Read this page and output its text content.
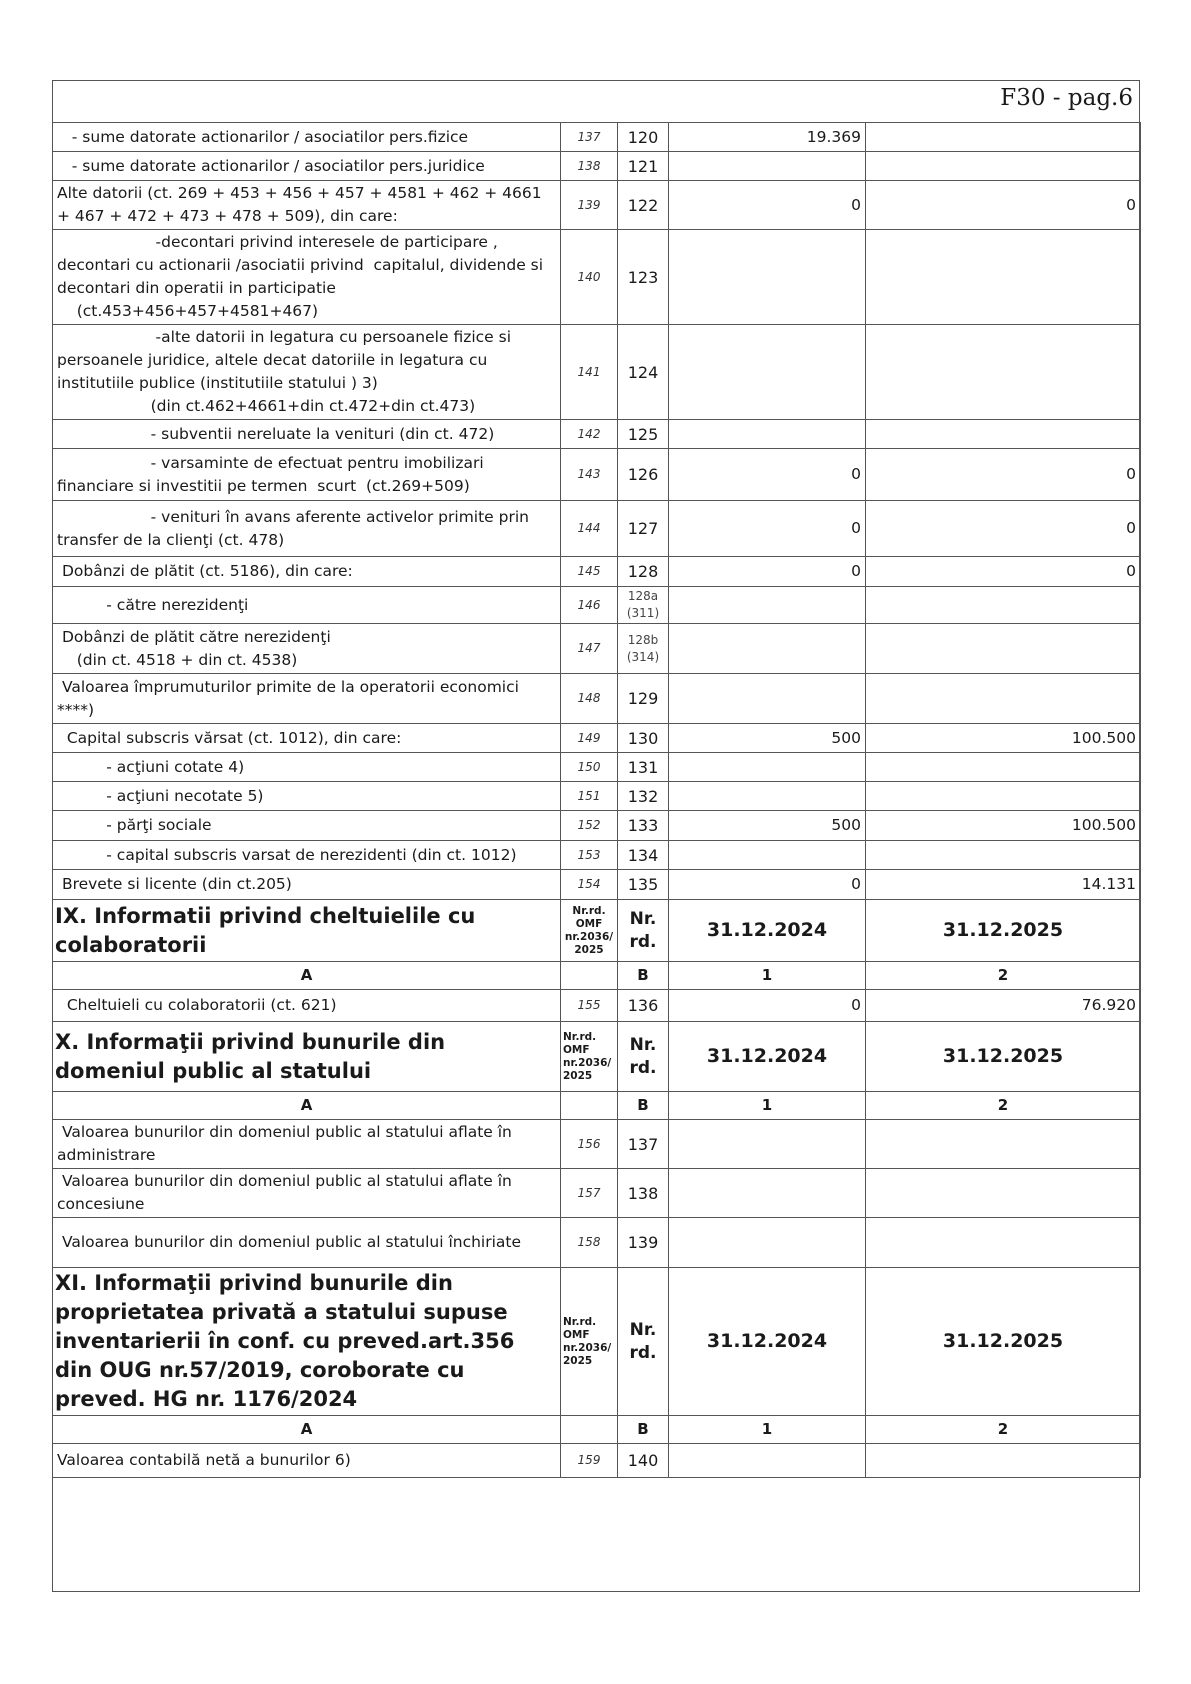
F30 - pag.6
- sume datorate actionarilor / asociatilor pers.fizice	137	120	19.369	
- sume datorate actionarilor / asociatilor pers.juridice	138	121		
Alte datorii (ct. 269 + 453 + 456 + 457 + 4581 + 462 + 4661 + 467 + 472 + 473 + 478 + 509), din care:	139	122	0	0
-decontari privind interesele de participare ,
decontari cu actionarii /asociatii privind  capitalul, dividende si decontari din operatii in participatie
(ct.453+456+457+4581+467)	140	123		
-alte datorii in legatura cu persoanele fizice si persoanele juridice, altele decat datoriile in legatura cu institutiile publice (institutiile statului ) 3)
(din ct.462+4661+din ct.472+din ct.473)	141	124		
- subventii nereluate la venituri (din ct. 472)	142	125		
- varsaminte de efectuat pentru imobilizari financiare si investitii pe termen  scurt  (ct.269+509)	143	126	0	0
- venituri în avans aferente activelor primite prin transfer de la clienţi (ct. 478)	144	127	0	0
Dobânzi de plătit (ct. 5186), din care:	145	128	0	0
- către nerezidenţi	146	128a
(311)		
Dobânzi de plătit către nerezidenţi
(din ct. 4518 + din ct. 4538)	147	128b
(314)		
Valoarea împrumuturilor primite de la operatorii economici ****)	148	129		
Capital subscris vărsat (ct. 1012), din care:	149	130	500	100.500
- acţiuni cotate 4)	150	131		
- acţiuni necotate 5)	151	132		
- părţi sociale	152	133	500	100.500
- capital subscris varsat de nerezidenti (din ct. 1012)	153	134		
Brevete si licente (din ct.205)	154	135	0	14.131
IX. Informatii privind cheltuielile cu colaboratorii	Nr.rd. OMF nr.2036/ 2025	Nr.
rd.	31.12.2024	31.12.2025
A		B	1	2
Cheltuieli cu colaboratorii (ct. 621)	155	136	0	76.920
X. Informaţii privind bunurile din domeniul public al statului	Nr.rd. OMF nr.2036/ 2025	Nr.
rd.	31.12.2024	31.12.2025
A		B	1	2
Valoarea bunurilor din domeniul public al statului aflate în administrare	156	137		
Valoarea bunurilor din domeniul public al statului aflate în concesiune	157	138		
Valoarea bunurilor din domeniul public al statului închiriate	158	139		
XI. Informaţii privind bunurile din proprietatea privată a statului supuse inventarierii în conf. cu preved.art.356 din OUG nr.57/2019, coroborate cu preved. HG nr. 1176/2024	Nr.rd. OMF nr.2036/ 2025	Nr.
rd.	31.12.2024	31.12.2025
A		B	1	2
Valoarea contabilă netă a bunurilor 6)	159	140		
